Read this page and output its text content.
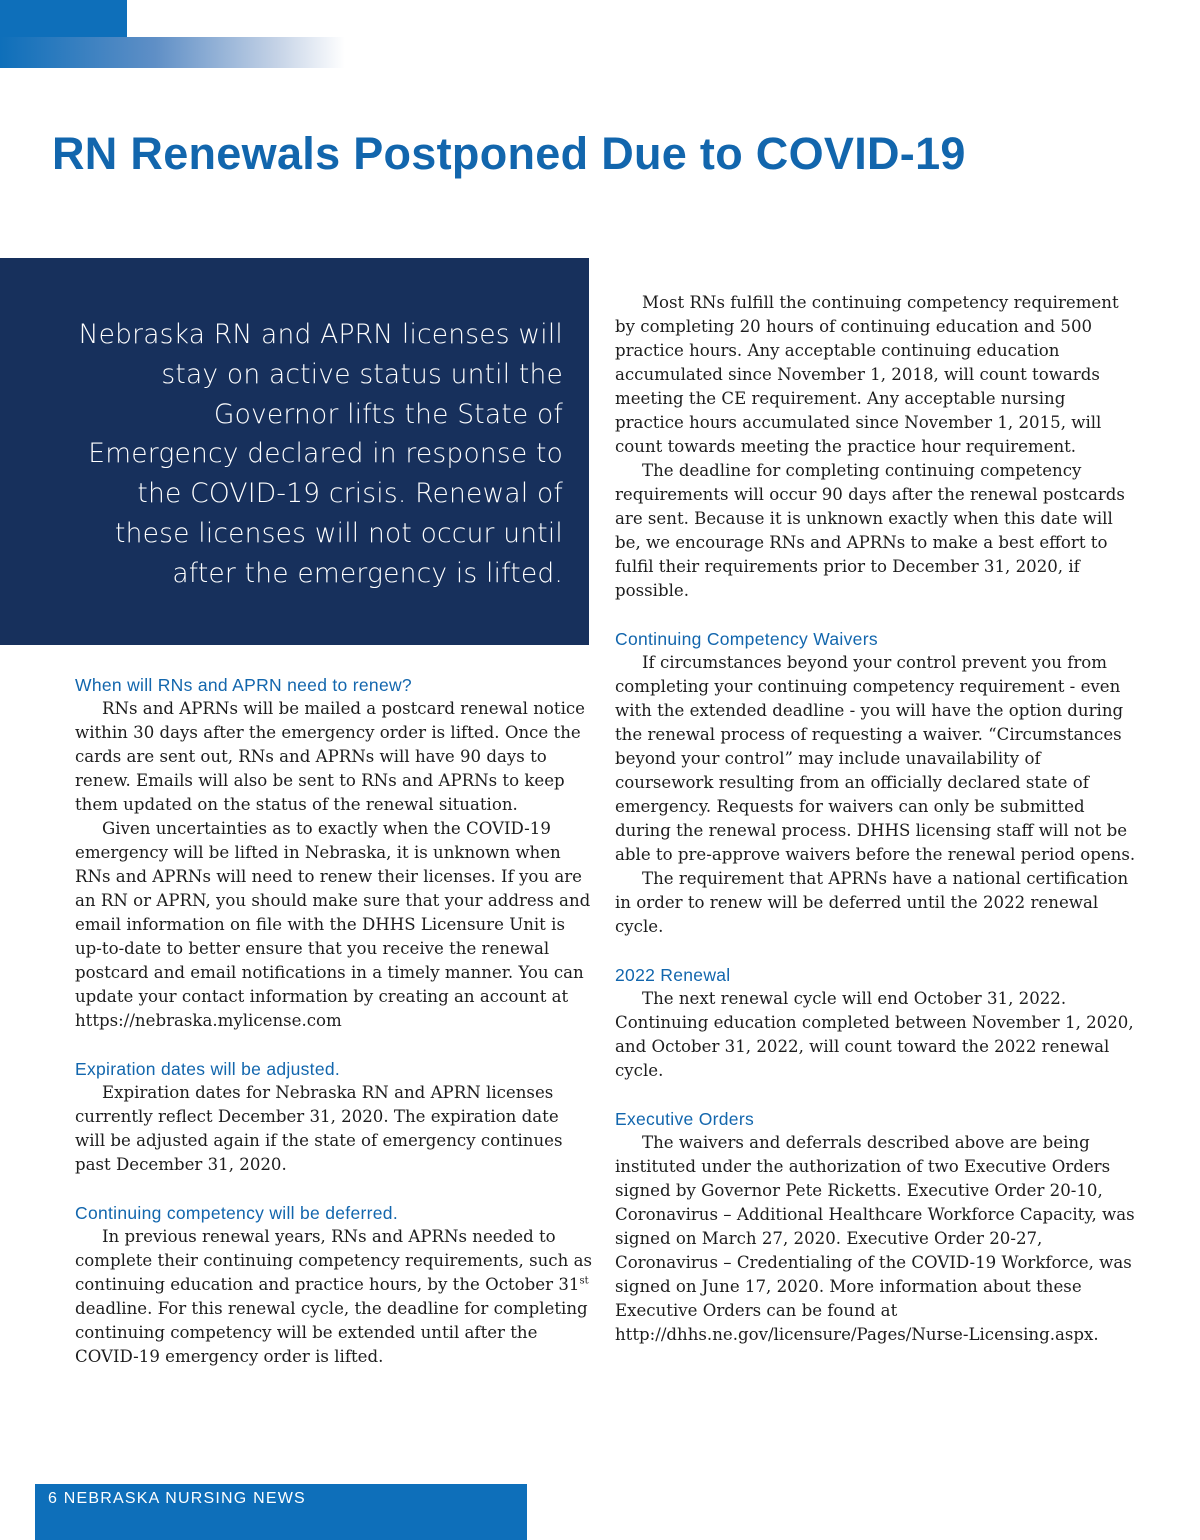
RN Renewals Postponed Due to COVID-19

Nebraska RN and APRN licenses will stay on active status until the Governor lifts the State of Emergency declared in response to the COVID-19 crisis. Renewal of these licenses will not occur until after the emergency is lifted.

When will RNs and APRN need to renew?

RNs and APRNs will be mailed a postcard renewal notice within 30 days after the emergency order is lifted. Once the cards are sent out, RNs and APRNs will have 90 days to renew. Emails will also be sent to RNs and APRNs to keep them updated on the status of the renewal situation.

Given uncertainties as to exactly when the COVID-19 emergency will be lifted in Nebraska, it is unknown when RNs and APRNs will need to renew their licenses. If you are an RN or APRN, you should make sure that your address and email information on file with the DHHS Licensure Unit is up-to-date to better ensure that you receive the renewal postcard and email notifications in a timely manner. You can update your contact information by creating an account at https://nebraska.mylicense.com

Expiration dates will be adjusted.

Expiration dates for Nebraska RN and APRN licenses currently reflect December 31, 2020. The expiration date will be adjusted again if the state of emergency continues past December 31, 2020.

Continuing competency will be deferred.

In previous renewal years, RNs and APRNs needed to complete their continuing competency requirements, such as continuing education and practice hours, by the October 31st deadline. For this renewal cycle, the deadline for completing continuing competency will be extended until after the COVID-19 emergency order is lifted.

Most RNs fulfill the continuing competency requirement by completing 20 hours of continuing education and 500 practice hours. Any acceptable continuing education accumulated since November 1, 2018, will count towards meeting the CE requirement. Any acceptable nursing practice hours accumulated since November 1, 2015, will count towards meeting the practice hour requirement.

The deadline for completing continuing competency requirements will occur 90 days after the renewal postcards are sent. Because it is unknown exactly when this date will be, we encourage RNs and APRNs to make a best effort to fulfil their requirements prior to December 31, 2020, if possible.

Continuing Competency Waivers

If circumstances beyond your control prevent you from completing your continuing competency requirement - even with the extended deadline - you will have the option during the renewal process of requesting a waiver. “Circumstances beyond your control” may include unavailability of coursework resulting from an officially declared state of emergency. Requests for waivers can only be submitted during the renewal process. DHHS licensing staff will not be able to pre-approve waivers before the renewal period opens.

The requirement that APRNs have a national certification in order to renew will be deferred until the 2022 renewal cycle.

2022 Renewal

The next renewal cycle will end October 31, 2022. Continuing education completed between November 1, 2020, and October 31, 2022, will count toward the 2022 renewal cycle.

Executive Orders

The waivers and deferrals described above are being instituted under the authorization of two Executive Orders signed by Governor Pete Ricketts. Executive Order 20-10, Coronavirus – Additional Healthcare Workforce Capacity, was signed on March 27, 2020. Executive Order 20-27, Coronavirus – Credentialing of the COVID-19 Workforce, was signed on June 17, 2020. More information about these Executive Orders can be found at http://dhhs.ne.gov/licensure/Pages/Nurse-Licensing.aspx.

6 NEBRASKA NURSING NEWS
